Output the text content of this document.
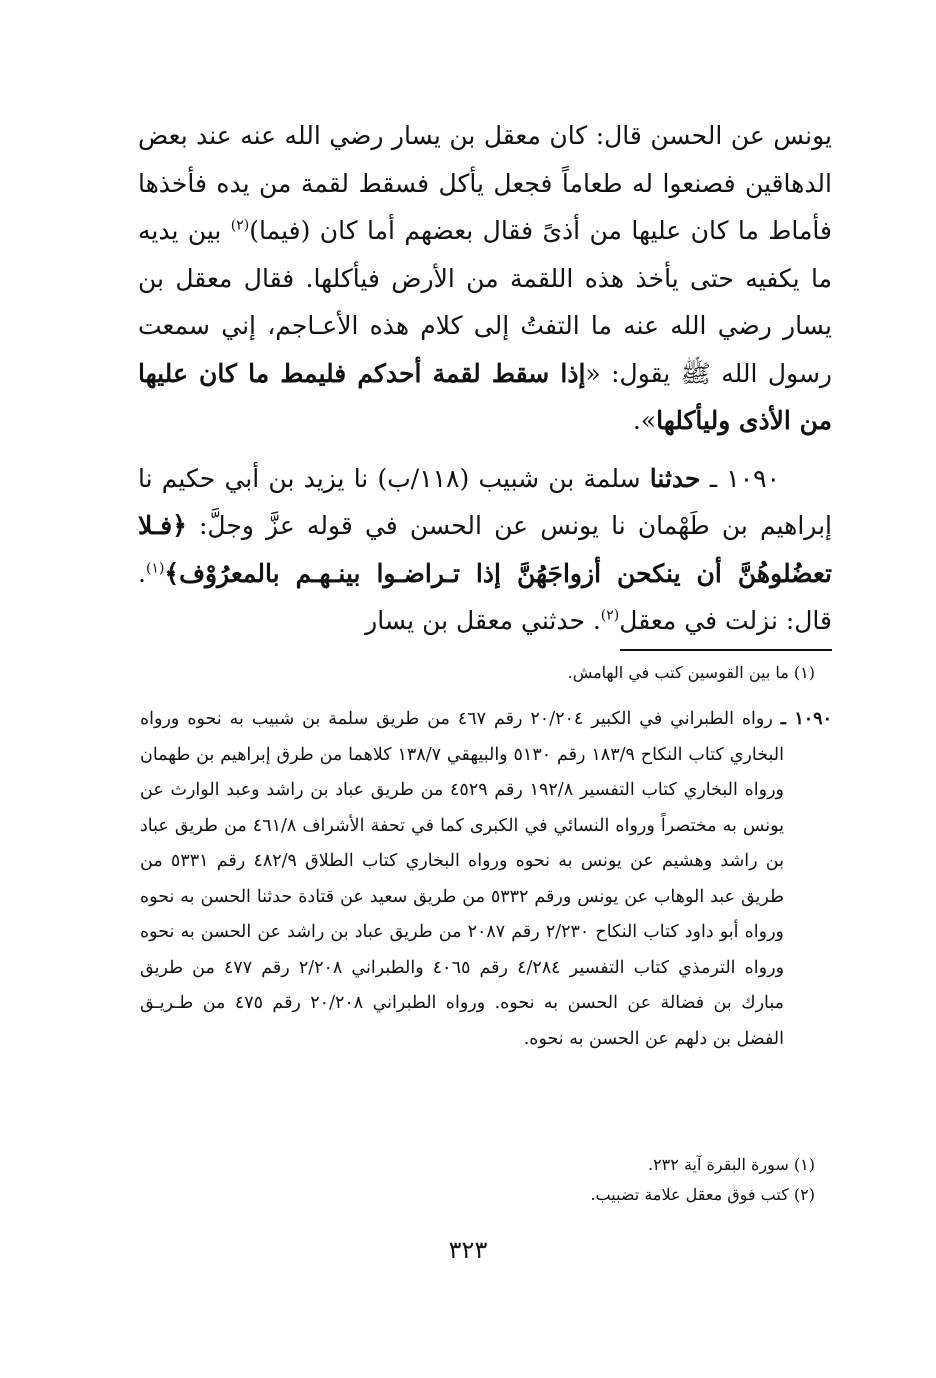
يونس عن الحسن قال: كان معقل بن يسار رضي الله عنه عند بعض الدهاقين فصنعوا له طعاماً فجعل يأكل فسقط لقمة من يده فأخذها فأماط ما كان عليها من أذىً فقال بعضهم أما كان (فيما)$^{(٢)}$ بين يديه ما يكفيه حتى يأخذ هذه اللقمة من الأرض فيأكلها. فقال معقل بن يسار رضي الله عنه ما التفتُ إلى كلام هذه الأعـاجم، إني سمعت رسول الله ﷺ يقول: «إذا سقط لقمة أحدكم فليمط ما كان عليها من الأذى وليأكلها».

١٠٩٠ ـ حدثنا سلمة بن شبيب (١١٨/ب) نا يزيد بن أبي حكيم نا إبراهيم بن طَهْمان نا يونس عن الحسن في قوله عزَّ وجلَّ: ﴿فـلا تعضُلوهُنَّ أن ينكحن أزواجَهُنَّ إذا تـراضـوا بينـهـم بالمعرُوْف﴾$^{(١)}$. قال: نزلت في معقل$^{(٢)}$. حدثني معقل بن يسار

(١) ما بين القوسين كتب في الهامش.

١٠٩٠ ـ رواه الطبراني في الكبير ٢٠/٢٠٤ رقم ٤٦٧ من طريق سلمة بن شبيب به نحوه ورواه البخاري كتاب النكاح ١٨٣/٩ رقم ٥١٣٠ والبيهقي ١٣٨/٧ كلاهما من طرق إبراهيم بن طهمان ورواه البخاري كتاب التفسير ١٩٢/٨ رقم ٤٥٢٩ من طريق عباد بن راشد وعبد الوارث عن يونس به مختصراً ورواه النسائي في الكبرى كما في تحفة الأشراف ٤٦١/٨ من طريق عباد بن راشد وهشيم عن يونس به نحوه ورواه البخاري كتاب الطلاق ٤٨٢/٩ رقم ٥٣٣١ من طريق عبد الوهاب عن يونس ورقم ٥٣٣٢ من طريق سعيد عن قتادة حدثنا الحسن به نحوه ورواه أبو داود كتاب النكاح ٢/٢٣٠ رقم ٢٠٨٧ من طريق عباد بن راشد عن الحسن به نحوه ورواه الترمذي كتاب التفسير ٤/٢٨٤ رقم ٤٠٦٥ والطبراني ٢/٢٠٨ رقم ٤٧٧ من طريق مبارك بن فضالة عن الحسن به نحوه. ورواه الطبراني ٢٠/٢٠٨ رقم ٤٧٥ من طـريـق الفضل بن دلهم عن الحسن به نحوه.

(١) سورة البقرة آية ٢٣٢.

(٢) كتب فوق معقل علامة تضبيب.

٣٢٣
